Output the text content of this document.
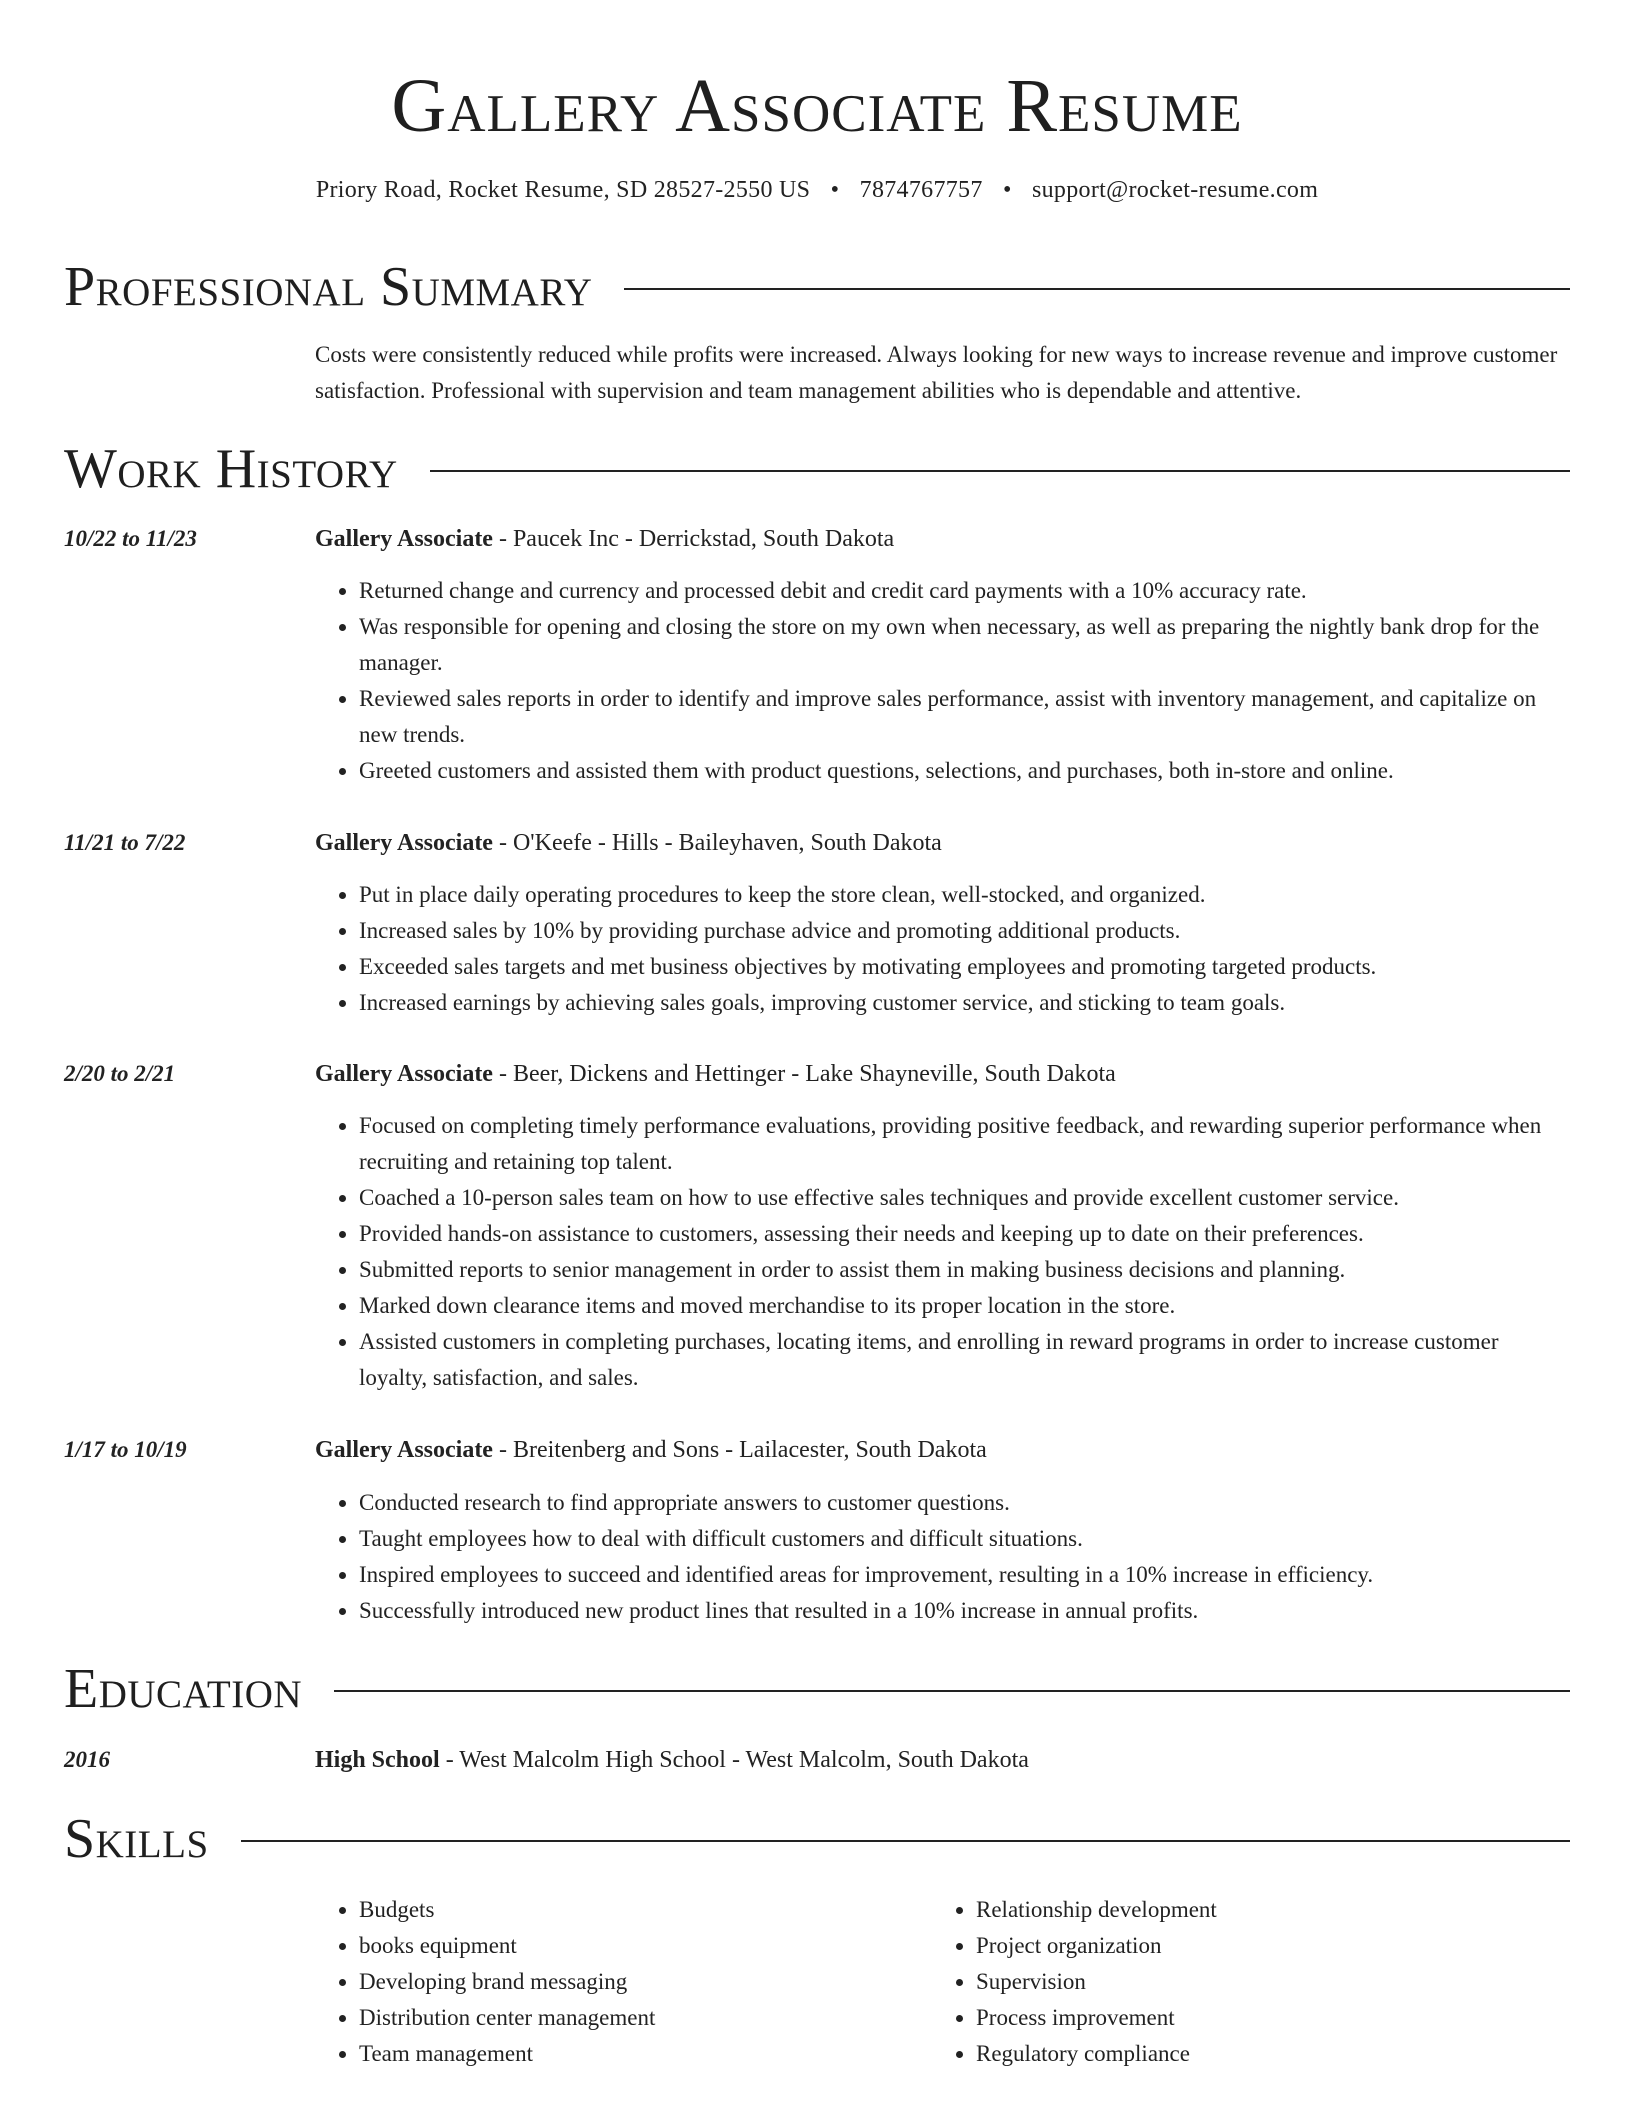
Gallery Associate Resume
Priory Road, Rocket Resume, SD 28527-2550 US • 7874767757 • support@rocket-resume.com
Professional Summary

Costs were consistently reduced while profits were increased. Always looking for new ways to increase revenue and improve customer satisfaction. Professional with supervision and team management abilities who is dependable and attentive.

Work History
10/22 to 11/23	Gallery Associate - Paucek Inc - Derrickstad, South Dakota
• Returned change and currency and processed debit and credit card payments with a 10% accuracy rate.
• Was responsible for opening and closing the store on my own when necessary, as well as preparing the nightly bank drop for the manager.
• Reviewed sales reports in order to identify and improve sales performance, assist with inventory management, and capitalize on new trends.
• Greeted customers and assisted them with product questions, selections, and purchases, both in-store and online.
11/21 to 7/22	Gallery Associate - O'Keefe - Hills - Baileyhaven, South Dakota
• Put in place daily operating procedures to keep the store clean, well-stocked, and organized.
• Increased sales by 10% by providing purchase advice and promoting additional products.
• Exceeded sales targets and met business objectives by motivating employees and promoting targeted products.
• Increased earnings by achieving sales goals, improving customer service, and sticking to team goals.
2/20 to 2/21	Gallery Associate - Beer, Dickens and Hettinger - Lake Shayneville, South Dakota
• Focused on completing timely performance evaluations, providing positive feedback, and rewarding superior performance when recruiting and retaining top talent.
• Coached a 10-person sales team on how to use effective sales techniques and provide excellent customer service.
• Provided hands-on assistance to customers, assessing their needs and keeping up to date on their preferences.
• Submitted reports to senior management in order to assist them in making business decisions and planning.
• Marked down clearance items and moved merchandise to its proper location in the store.
• Assisted customers in completing purchases, locating items, and enrolling in reward programs in order to increase customer loyalty, satisfaction, and sales.
1/17 to 10/19	Gallery Associate - Breitenberg and Sons - Lailacester, South Dakota
• Conducted research to find appropriate answers to customer questions.
• Taught employees how to deal with difficult customers and difficult situations.
• Inspired employees to succeed and identified areas for improvement, resulting in a 10% increase in efficiency.
• Successfully introduced new product lines that resulted in a 10% increase in annual profits.
Education
2016	High School - West Malcolm High School - West Malcolm, South Dakota
Skills
• Budgets
• books equipment
• Developing brand messaging
• Distribution center management
• Team management
• Relationship development
• Project organization
• Supervision
• Process improvement
• Regulatory compliance
